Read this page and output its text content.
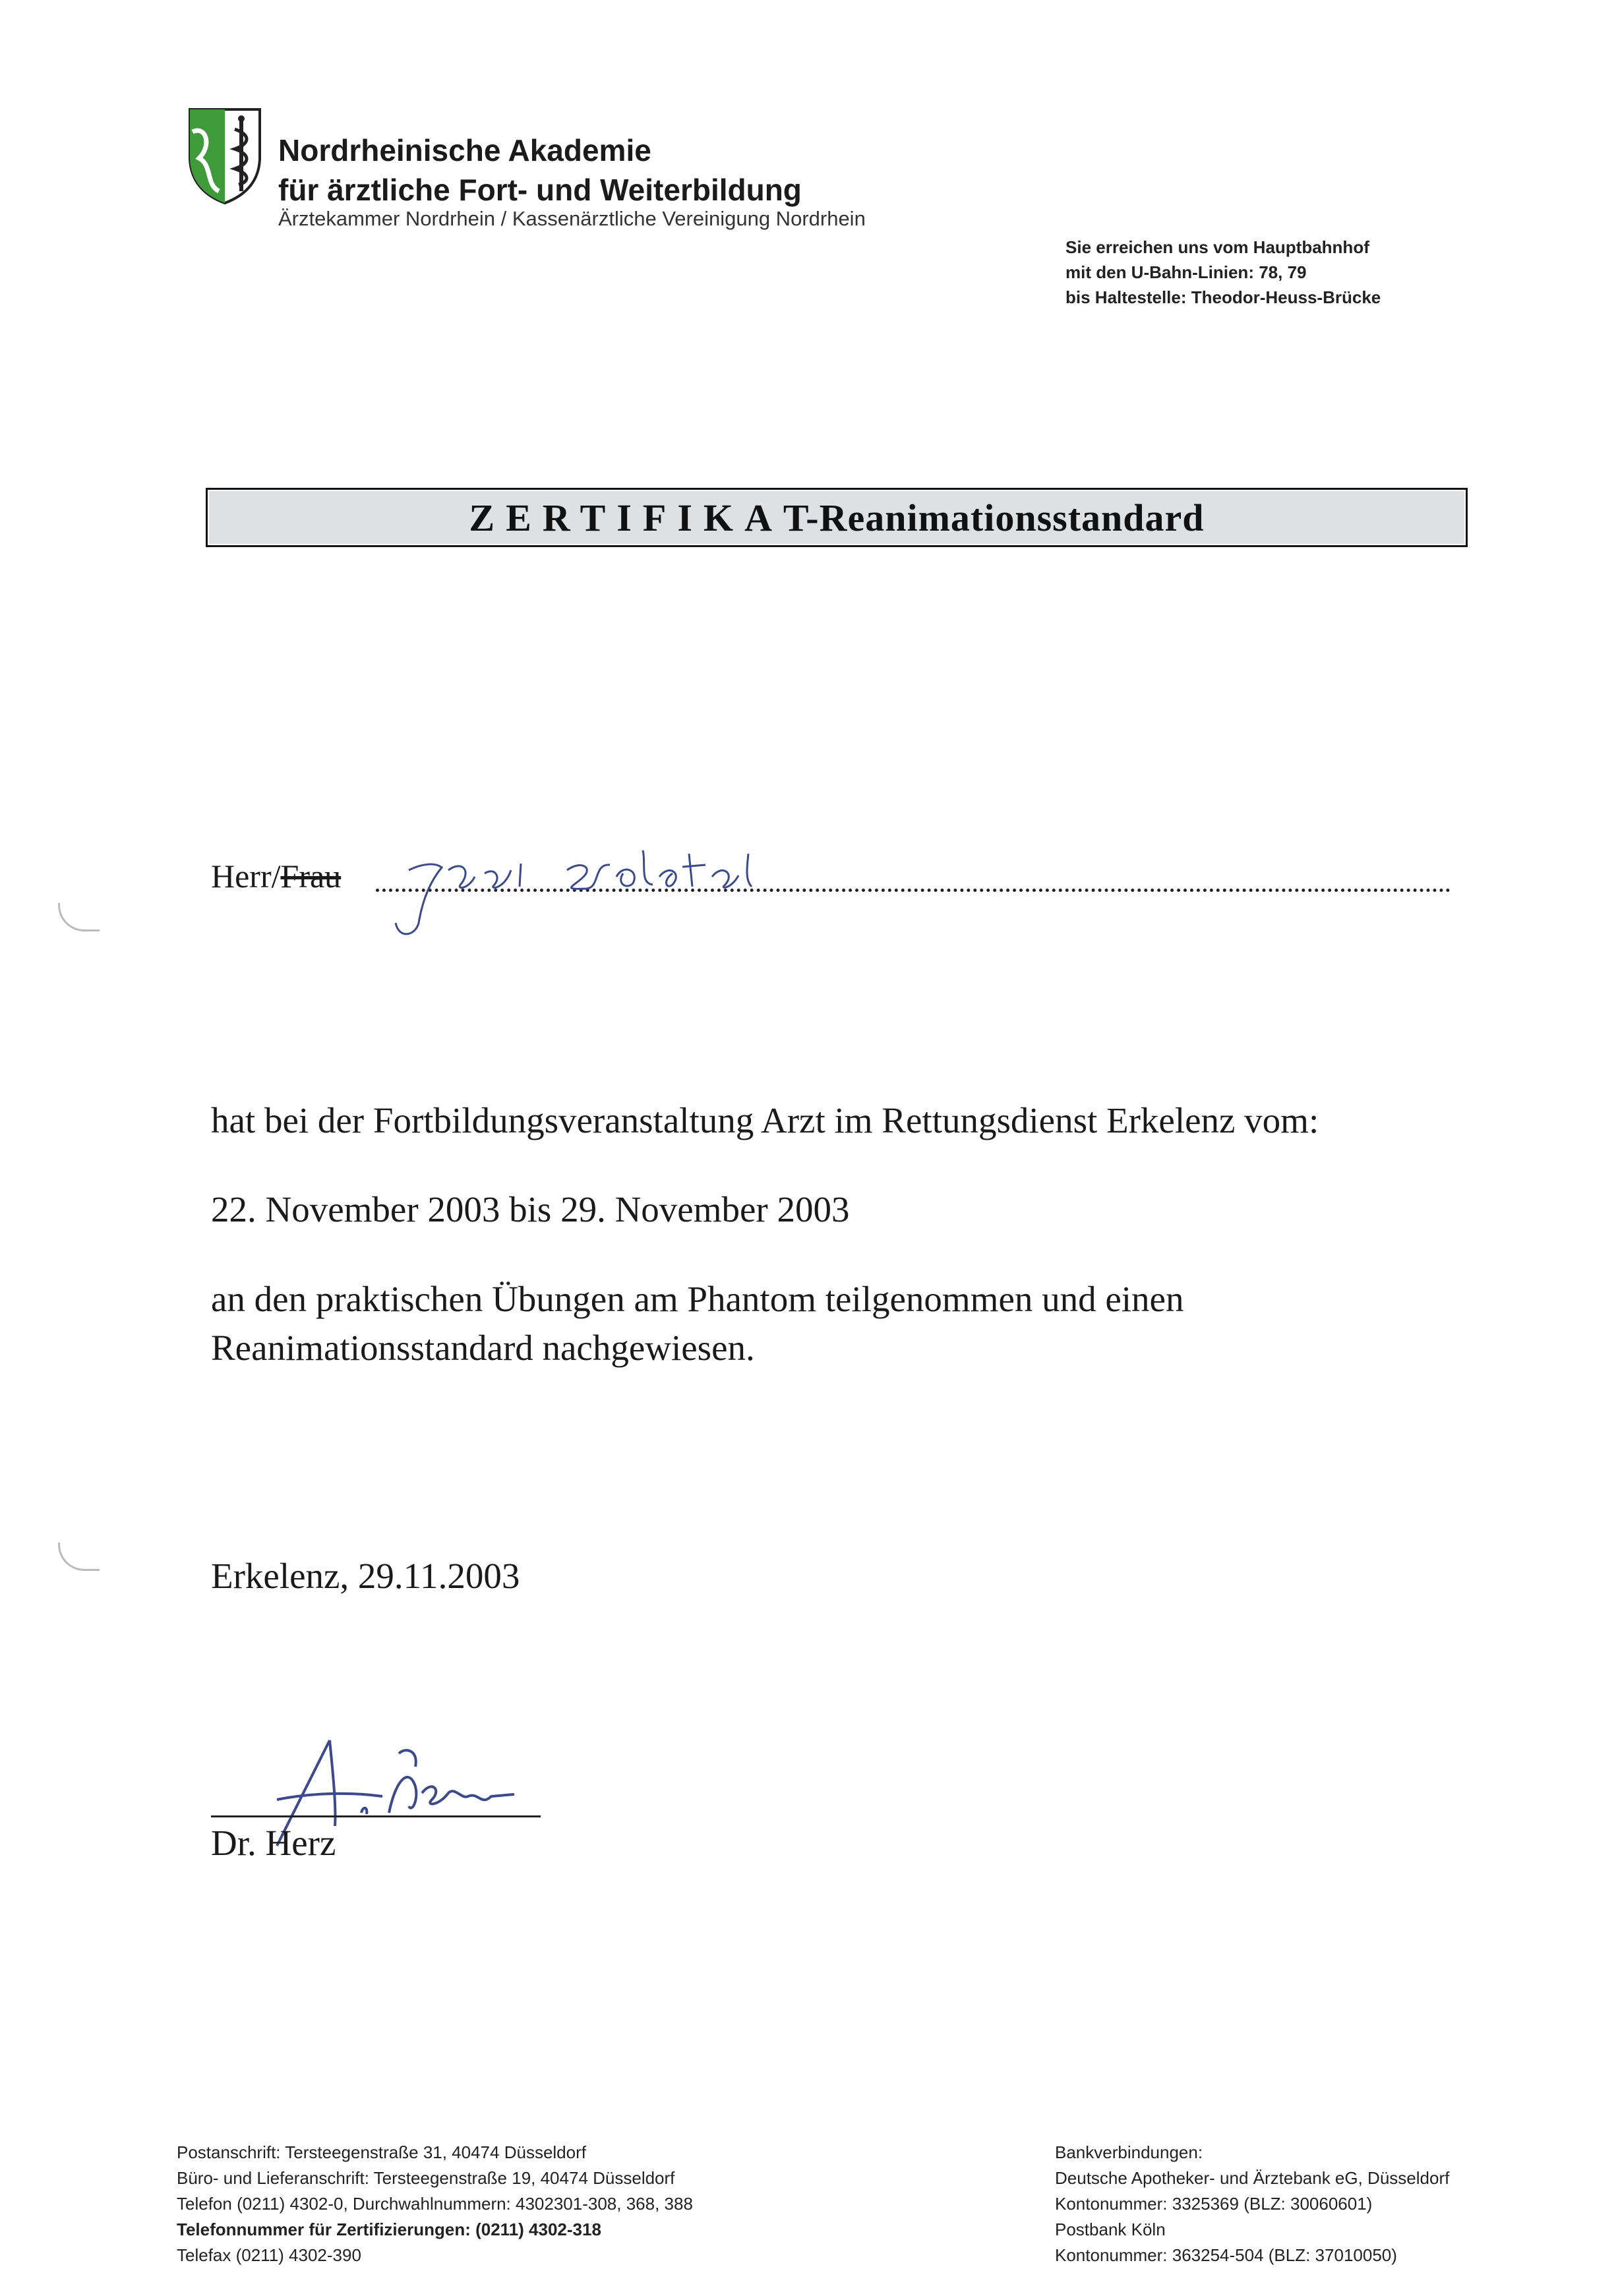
Nordrheinische Akademie
für ärztliche Fort- und Weiterbildung
Ärztekammer Nordrhein / Kassenärztliche Vereinigung Nordrhein
Sie erreichen uns vom Hauptbahnhof
mit den U-Bahn-Linien: 78, 79
bis Haltestelle: Theodor-Heuss-Brücke
ZERTIFIKAT-Reanimationsstandard
Herr/Frau
hat bei der Fortbildungsveranstaltung Arzt im Rettungsdienst Erkelenz vom:
22. November 2003 bis 29. November 2003
an den praktischen Übungen am Phantom teilgenommen und einen
Reanimationsstandard nachgewiesen.
Erkelenz, 29.11.2003
Dr. Herz
Postanschrift: Tersteegenstraße 31, 40474 Düsseldorf
Büro- und Lieferanschrift: Tersteegenstraße 19, 40474 Düsseldorf
Telefon (0211) 4302-0, Durchwahlnummern: 4302301-308, 368, 388
Telefonnummer für Zertifizierungen: (0211) 4302-318
Telefax (0211) 4302-390
Bankverbindungen:
Deutsche Apotheker- und Ärztebank eG, Düsseldorf
Kontonummer: 3325369 (BLZ: 30060601)
Postbank Köln
Kontonummer: 363254-504 (BLZ: 37010050)
